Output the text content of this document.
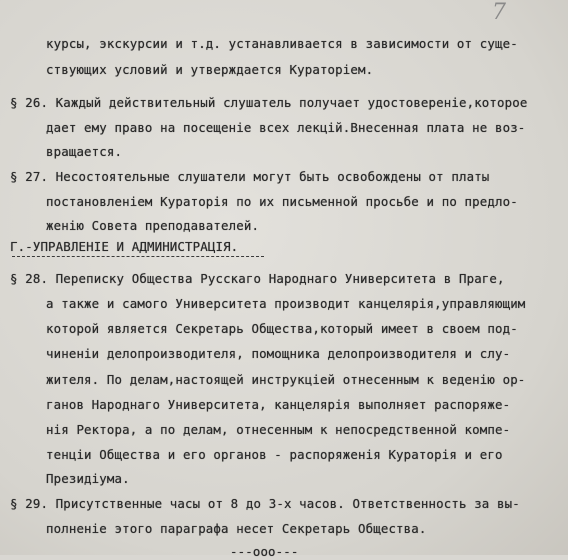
7
курсы, экскурсии и т.д. устанавливается в зависимости от суще-
ствующих условий и утверждается Кураторіем.
§ 26. Каждый действительный слушатель получает удостовереніе,которое
дает ему право на посещеніе всех лекцій.Внесенная плата не воз-
вращается.
§ 27. Несостоятельные слушатели могут быть освобождены от платы
постановленіем Кураторія по их письменной просьбе и по предло-
женію Совета преподавателей.
Г.-УПРАВЛЕНІЕ И АДМИНИСТРАЦІЯ.
§ 28. Переписку Общества Русскаго Народнаго Университета в Праге,
а также и самого Университета производит канцелярія,управляющим
которой является Секретарь Общества,который имеет в своем под-
чиненіи делопроизводителя, помощника делопроизводителя и слу-
жителя. По делам,настоящей инструкціей отнесенным к веденію ор-
ганов Народнаго Университета, канцелярія выполняет распоряже-
нія Ректора, а по делам, отнесенным к непосредственной компе-
тенціи Общества и его органов - распоряженія Кураторія и его
Президіума.
§ 29. Присутственные часы от 8 до 3-х часов. Ответственность за вы-
полненіе этого параграфа несет Секретарь Общества.
---ooo---
